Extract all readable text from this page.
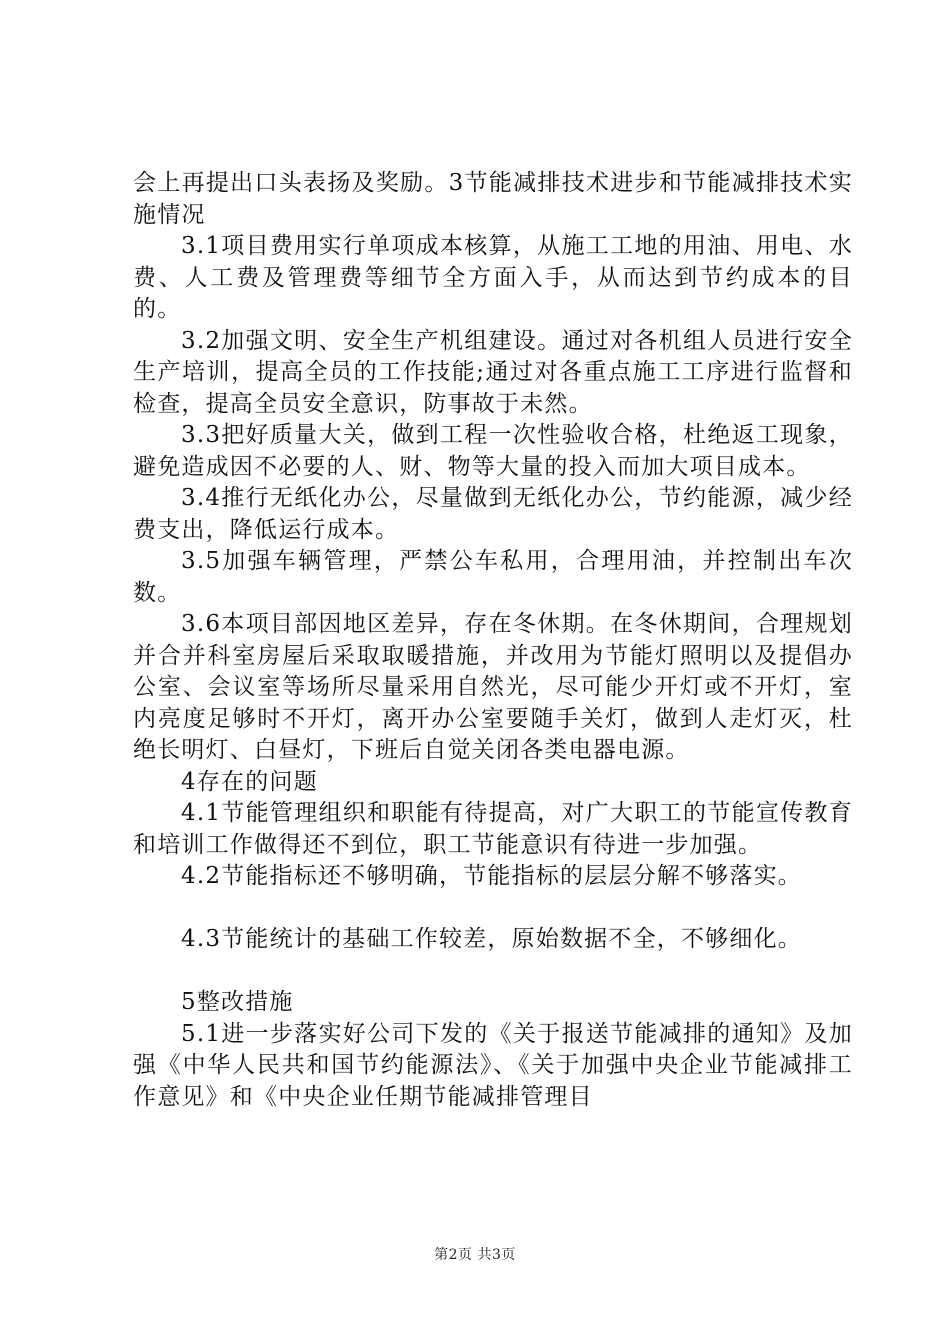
会上再提出口头表扬及奖励。3节能减排技术进步和节能减排技术实施情况

3.1项目费用实行单项成本核算，从施工工地的用油、用电、水费、人工费及管理费等细节全方面入手，从而达到节约成本的目的。

3.2加强文明、安全生产机组建设。通过对各机组人员进行安全生产培训，提高全员的工作技能;通过对各重点施工工序进行监督和检查，提高全员安全意识，防事故于未然。

3.3把好质量大关，做到工程一次性验收合格，杜绝返工现象，避免造成因不必要的人、财、物等大量的投入而加大项目成本。

3.4推行无纸化办公，尽量做到无纸化办公，节约能源，减少经费支出，降低运行成本。

3.5加强车辆管理，严禁公车私用，合理用油，并控制出车次数。

3.6本项目部因地区差异，存在冬休期。在冬休期间，合理规划并合并科室房屋后采取取暖措施，并改用为节能灯照明以及提倡办公室、会议室等场所尽量采用自然光，尽可能少开灯或不开灯，室内亮度足够时不开灯，离开办公室要随手关灯，做到人走灯灭，杜绝长明灯、白昼灯，下班后自觉关闭各类电器电源。

4存在的问题

4.1节能管理组织和职能有待提高，对广大职工的节能宣传教育和培训工作做得还不到位，职工节能意识有待进一步加强。

4.2节能指标还不够明确，节能指标的层层分解不够落实。

4.3节能统计的基础工作较差，原始数据不全，不够细化。

5整改措施

5.1进一步落实好公司下发的《关于报送节能减排的通知》及加强《中华人民共和国节约能源法》、《关于加强中央企业节能减排工作意见》和《中央企业任期节能减排管理目

第2页 共3页
